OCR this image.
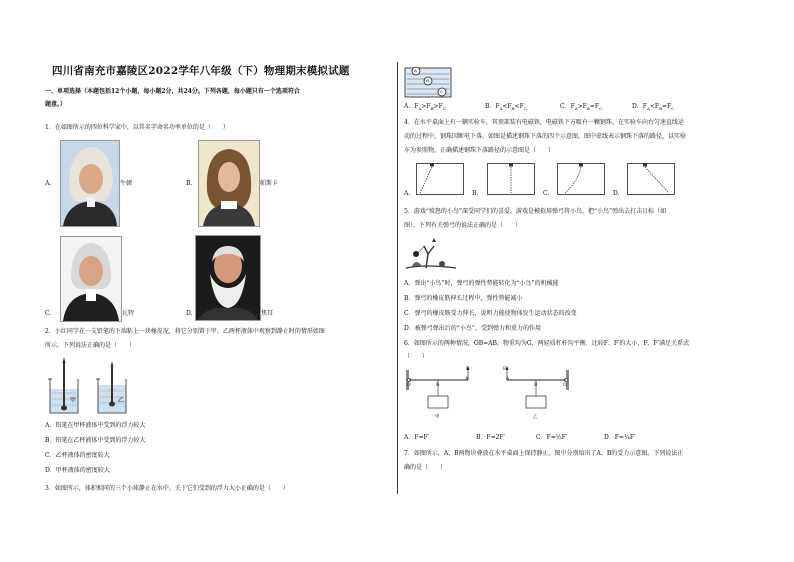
四川省南充市嘉陵区2022学年八年级（下）物理期末模拟试题
一、单项选择（本题包括12个小题，每小题2分，共24分。下列各题，每小题只有一个选项符合
题意。）
1．在如图所示的四位科学家中，以其名字命名功率单位的是（　　）
A.	牛顿	B.	帕斯卡
C.	瓦特	D.	焦耳
2．小红同学在一支铅笔的下端粘上一块橡皮泥，将它分别置于甲、乙两杯液体中观察到静止时的情形如图
所示，下列说法正确的是（　　）
甲	乙
A．铅笔在甲杯液体中受到的浮力较大
B．铅笔在乙杯液体中受到的浮力较大
C．乙杯液体的密度较大
D．甲杯液体的密度较大
3．如图所示，体积相同的三个小球静止在水中，关于它们受到的浮力大小正确的是（　　）
A
B
C
A．$F_A>F_B>F_C$	B．$F_A<F_B<F_C$	C．$F_A>F_B=F_C$	D．$F_A<F_B=F_C$
4．在水平桌面上有一辆实验车，其顶部装有电磁铁，电磁铁下方吸有一颗钢珠。在实验车向右匀速直线运
动的过程中，钢珠因断电下落。如图是描述钢珠下落的四个示意图，图中虚线表示钢珠下落的路径，以实验
车为参照物，正确描述钢珠下落路径的示意图是（　　）
A.	B.	C.	D.
5．游戏“愤怒的小鸟”深受同学们的喜爱，游戏是模拟用弹弓将小鸟，把“小鸟”弹出去打击目标（如
图），下列有关弹弓的说法正确的是（　　）
A．弹出“小鸟”时，弹弓的弹性势能转化为“小鸟”的机械能
B．弹弓的橡皮筋伸长过程中，弹性势能减小
C．弹弓的橡皮筋受力伸长，说明力能使物体发生运动状态的改变
D．被弹弓弹出后的“小鸟”，受到弹力和重力的作用
6．如图所示的两种情况，OB=AB，物重均为G，两轻质杠杆均平衡．比较F、F′的大小，F、F′满足关系式
（　　）
F	F′
O	B
A	A
B	O
甲	乙
A．F=F′	B．F=2F′	C．F=½F′	D．F=¼F′
7．如图所示，A、B两物块叠放在水平桌面上保持静止。图中分别给出了A、B的受力示意图。下列说法正
确的是（　　）
